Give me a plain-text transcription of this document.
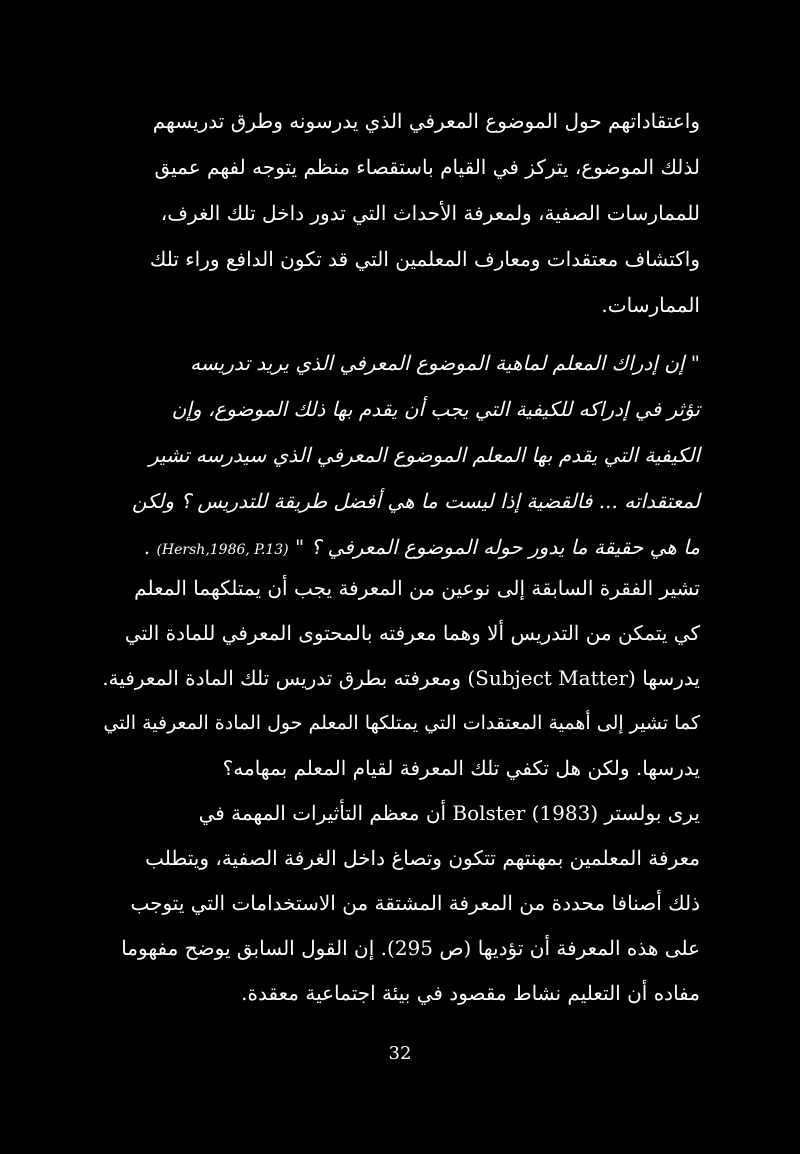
واعتقاداتهم حول الموضوع المعرفي الذي يدرسونه وطرق تدريسهم
لذلك الموضوع، يتركز في القيام باستقصاء منظم يتوجه لفهم عميق
للممارسات الصفية، ولمعرفة الأحداث التي تدور داخل تلك الغرف،
واكتشاف معتقدات ومعارف المعلمين التي قد تكون الدافع وراء تلك
الممارسات.
" إن إدراك المعلم لماهية الموضوع المعرفي الذي يريد تدريسه
تؤثر في إدراكه للكيفية التي يجب أن يقدم بها ذلك الموضوع، وإن
الكيفية التي يقدم بها المعلم الموضوع المعرفي الذي سيدرسه تشير
لمعتقداته ... فالقضية إذا ليست ما هي أفضل طريقة للتدريس ؟ ولكن
ما هي حقيقة ما يدور حوله الموضوع المعرفي ؟ " (Hersh,1986, P.13) .
تشير الفقرة السابقة إلى نوعين من المعرفة يجب أن يمتلكهما المعلم
كي يتمكن من التدريس ألا وهما معرفته بالمحتوى المعرفي للمادة التي
يدرسها (Subject Matter) ومعرفته بطرق تدريس تلك المادة المعرفية.
كما تشير إلى أهمية المعتقدات التي يمتلكها المعلم حول المادة المعرفية التي
يدرسها. ولكن هل تكفي تلك المعرفة لقيام المعلم بمهامه؟
يرى بولستر Bolster (1983) أن معظم التأثيرات المهمة في
معرفة المعلمين بمهنتهم تتكون وتصاغ داخل الغرفة الصفية، ويتطلب
ذلك أصنافا محددة من المعرفة المشتقة من الاستخدامات التي يتوجب
على هذه المعرفة أن تؤديها (ص 295). إن القول السابق يوضح مفهوما
مفاده أن التعليم نشاط مقصود في بيئة اجتماعية معقدة.
32
